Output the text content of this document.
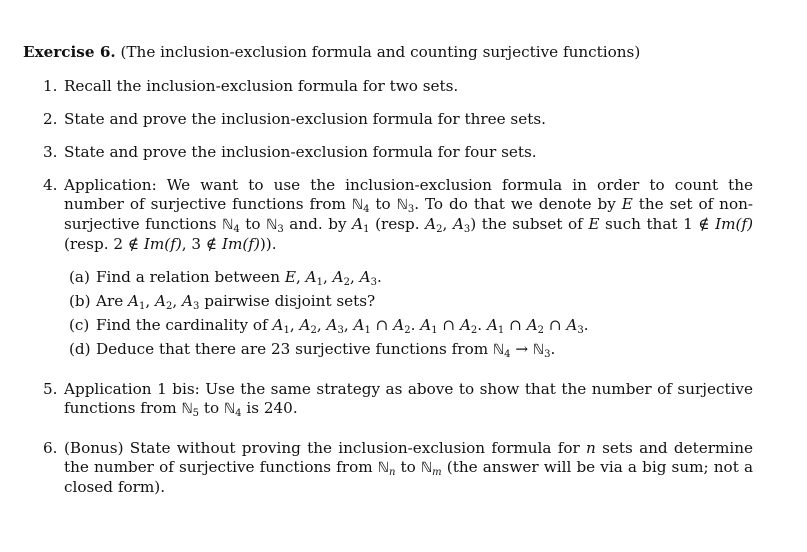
Exercise 6. (The inclusion-exclusion formula and counting surjective functions)

1. Recall the inclusion-exclusion formula for two sets.
2. State and prove the inclusion-exclusion formula for three sets.
3. State and prove the inclusion-exclusion formula for four sets.
4. Application: We want to use the inclusion-exclusion formula in order to count the number of surjective functions from ℕ$_4$ to ℕ$_3$. To do that we denote by E the set of non-surjective functions ℕ$_4$ to ℕ$_3$ and. by $A_1$ (resp. $A_2$, $A_3$) the subset of E such that 1 ∉ Im(f) (resp. 2 ∉ Im(f), 3 ∉ Im(f))).
(a) Find a relation between E, $A_1$, $A_2$, $A_3$.
(b) Are $A_1$, $A_2$, $A_3$ pairwise disjoint sets?
(c) Find the cardinality of $A_1$, $A_2$, $A_3$, $A_1$ ∩ $A_2$. $A_1$ ∩ $A_2$. $A_1$ ∩ $A_2$ ∩ $A_3$.
(d) Deduce that there are 23 surjective functions from ℕ$_4$ → ℕ$_3$.
5. Application 1 bis: Use the same strategy as above to show that the number of surjective functions from ℕ$_5$ to ℕ$_4$ is 240.
6. (Bonus) State without proving the inclusion-exclusion formula for n sets and determine the number of surjective functions from ℕ$_n$ to ℕ$_m$ (the answer will be via a big sum; not a closed form).
